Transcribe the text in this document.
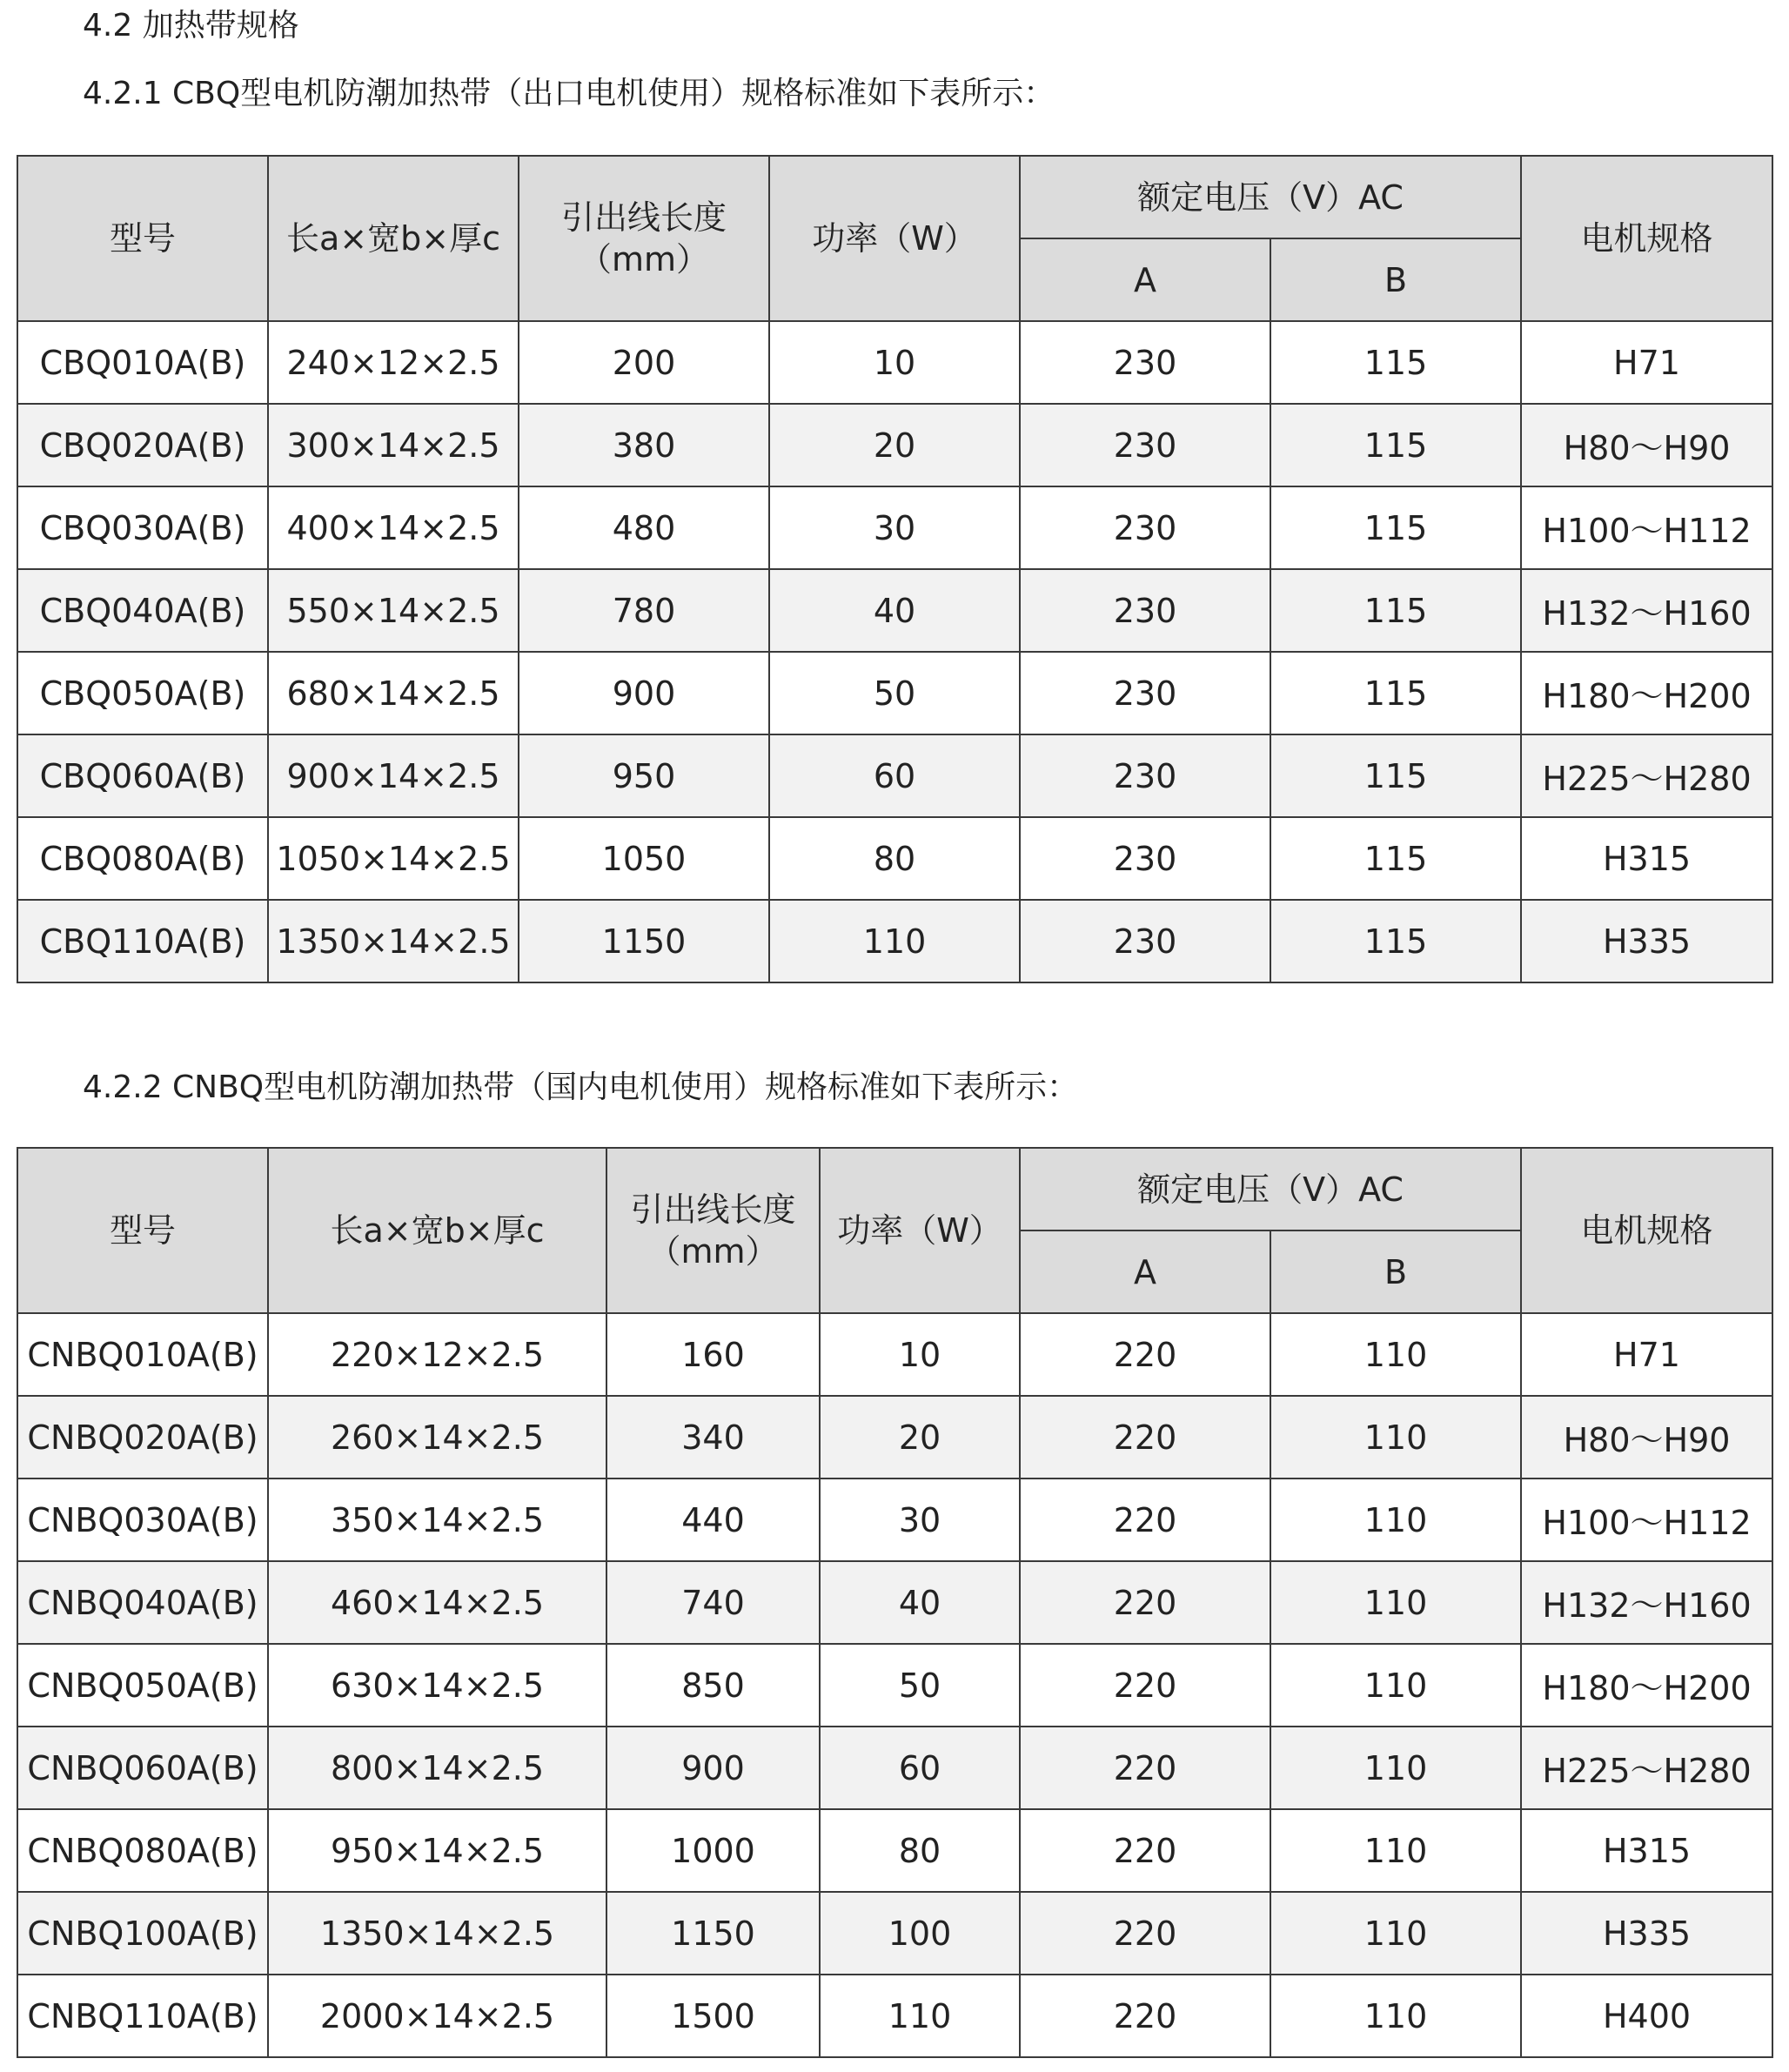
4.2 加热带规格
4.2.1 CBQ型电机防潮加热带（出口电机使用）规格标准如下表所示：
型号	长a×宽b×厚c	引出线长度（mm）	功率（W）	额定电压（V）AC		电机规格
				A	B	
CBQ010A(B)	240×12×2.5	200	10	230	115	H71
CBQ020A(B)	300×14×2.5	380	20	230	115	H80～H90
CBQ030A(B)	400×14×2.5	480	30	230	115	H100～H112
CBQ040A(B)	550×14×2.5	780	40	230	115	H132～H160
CBQ050A(B)	680×14×2.5	900	50	230	115	H180～H200
CBQ060A(B)	900×14×2.5	950	60	230	115	H225～H280
CBQ080A(B)	1050×14×2.5	1050	80	230	115	H315
CBQ110A(B)	1350×14×2.5	1150	110	230	115	H335
4.2.2 CNBQ型电机防潮加热带（国内电机使用）规格标准如下表所示：
型号	长a×宽b×厚c	引出线长度（mm）	功率（W）	额定电压（V）AC		电机规格
				A	B	
CNBQ010A(B)	220×12×2.5	160	10	220	110	H71
CNBQ020A(B)	260×14×2.5	340	20	220	110	H80～H90
CNBQ030A(B)	350×14×2.5	440	30	220	110	H100～H112
CNBQ040A(B)	460×14×2.5	740	40	220	110	H132～H160
CNBQ050A(B)	630×14×2.5	850	50	220	110	H180～H200
CNBQ060A(B)	800×14×2.5	900	60	220	110	H225～H280
CNBQ080A(B)	950×14×2.5	1000	80	220	110	H315
CNBQ100A(B)	1350×14×2.5	1150	100	220	110	H335
CNBQ110A(B)	2000×14×2.5	1500	110	220	110	H400
